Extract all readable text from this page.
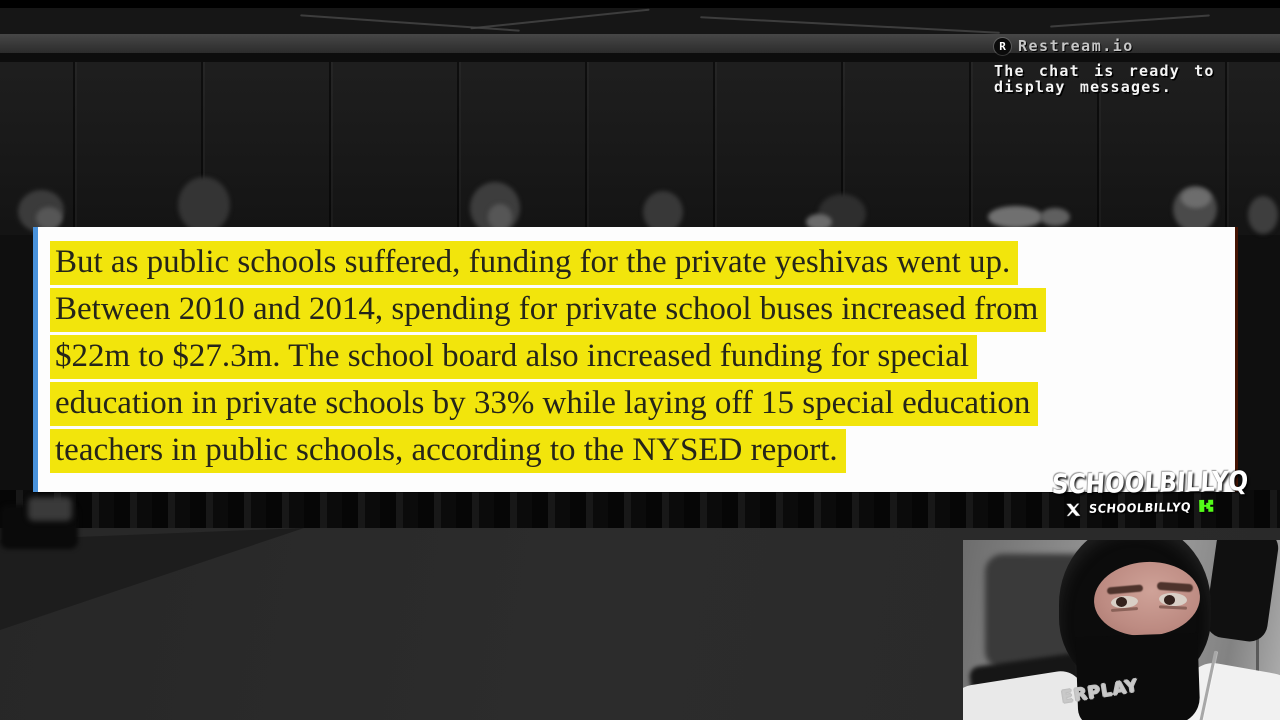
But as public schools suffered, funding for the private yeshivas went up.
Between 2010 and 2014, spending for private school buses increased from
$22m to $27.3m. The school board also increased funding for special
education in private schools by 33% while laying off 15 special education
teachers in public schools, according to the NYSED report.
R Restream.io
The chat is ready to
display messages.
SCHOOLBILLYQ
SCHOOLBILLYQ
ERPLAY
